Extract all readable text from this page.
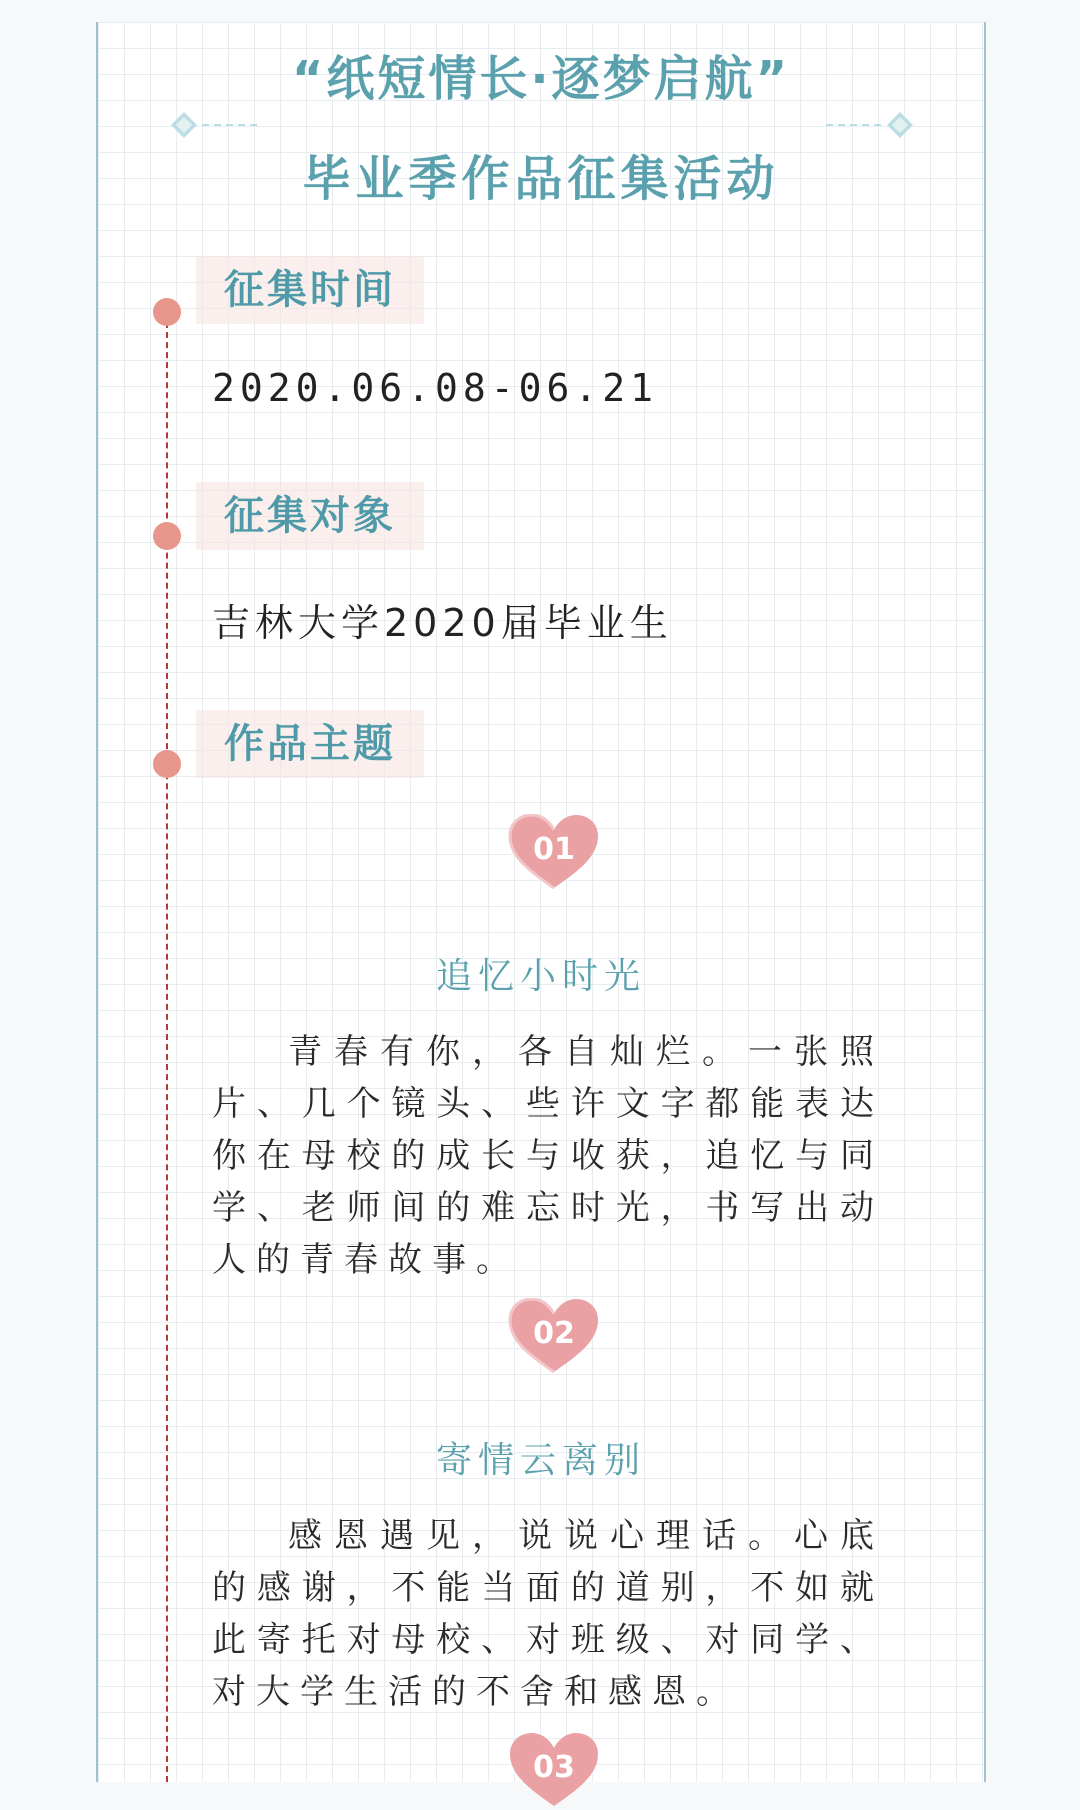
“纸短情长·逐梦启航”
毕业季作品征集活动
征集时间
2020.06.08-06.21
征集对象
吉林大学2020届毕业生
作品主题
01
追忆小时光
青春有你，各自灿烂。一张照片、几个镜头、些许文字都能表达你在母校的成长与收获，追忆与同学、老师间的难忘时光，书写出动人的青春故事。
02
寄情云离别
感恩遇见，说说心理话。心底的感谢，不能当面的道别，不如就此寄托对母校、对班级、对同学、对大学生活的不舍和感恩。
03
